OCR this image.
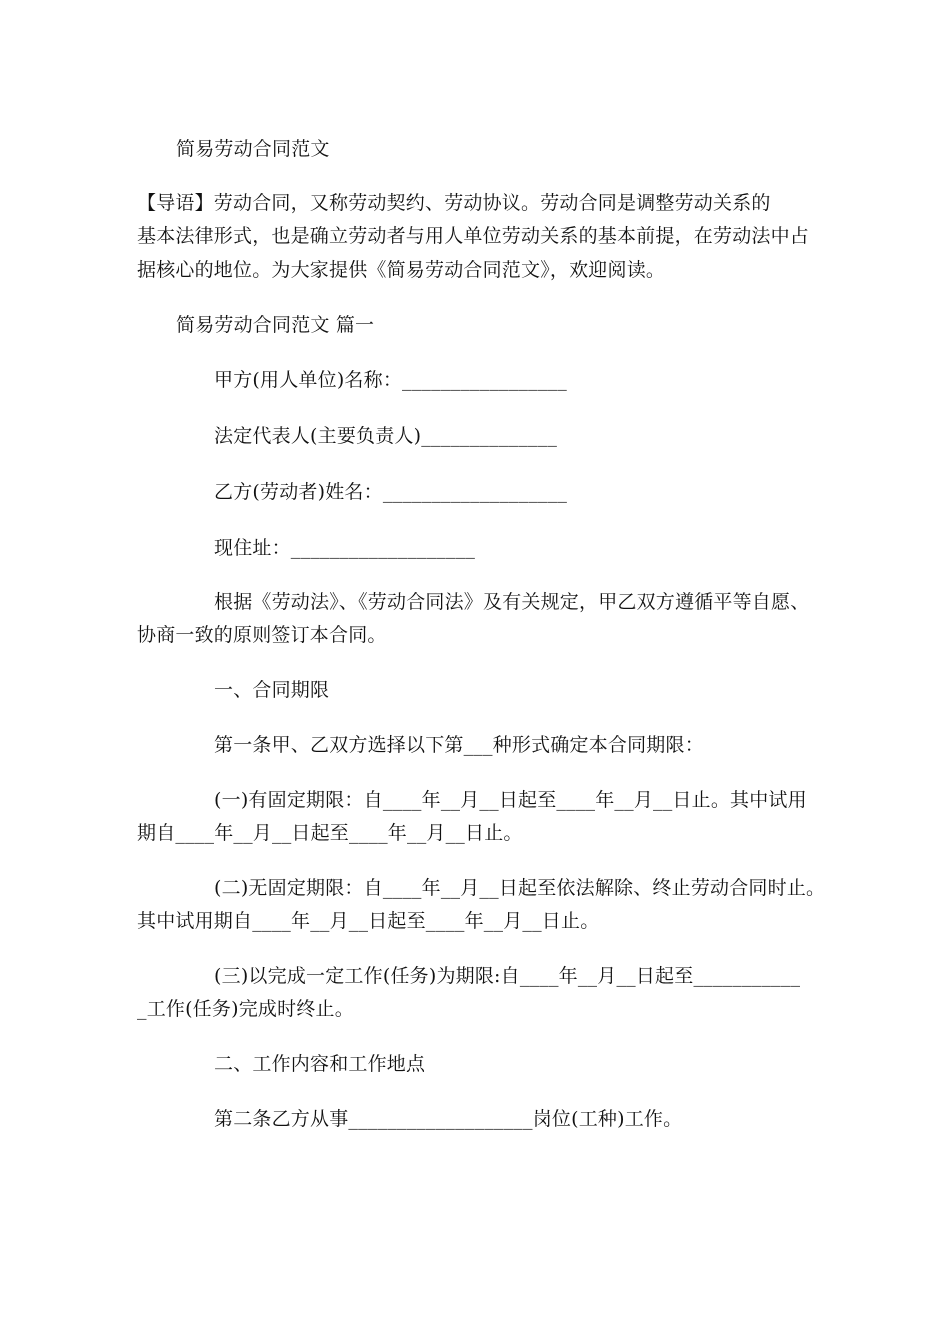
简易劳动合同范文
【导语】劳动合同，又称劳动契约、劳动协议。劳动合同是调整劳动关系的
基本法律形式，也是确立劳动者与用人单位劳动关系的基本前提，在劳动法中占
据核心的地位。为大家提供《简易劳动合同范文》，欢迎阅读。
简易劳动合同范文 篇一
甲方(用人单位)名称：_________________
法定代表人(主要负责人)______________
乙方(劳动者)姓名：___________________
现住址：___________________
根据《劳动法》、《劳动合同法》及有关规定，甲乙双方遵循平等自愿、
协商一致的原则签订本合同。
一、合同期限
第一条甲、乙双方选择以下第___种形式确定本合同期限：
(一)有固定期限：自____年__月__日起至____年__月__日止。其中试用
期自____年__月__日起至____年__月__日止。
(二)无固定期限：自____年__月__日起至依法解除、终止劳动合同时止。
其中试用期自____年__月__日起至____年__月__日止。
(三)以完成一定工作(任务)为期限:自____年__月__日起至___________
_工作(任务)完成时终止。
二、工作内容和工作地点
第二条乙方从事___________________岗位(工种)工作。
